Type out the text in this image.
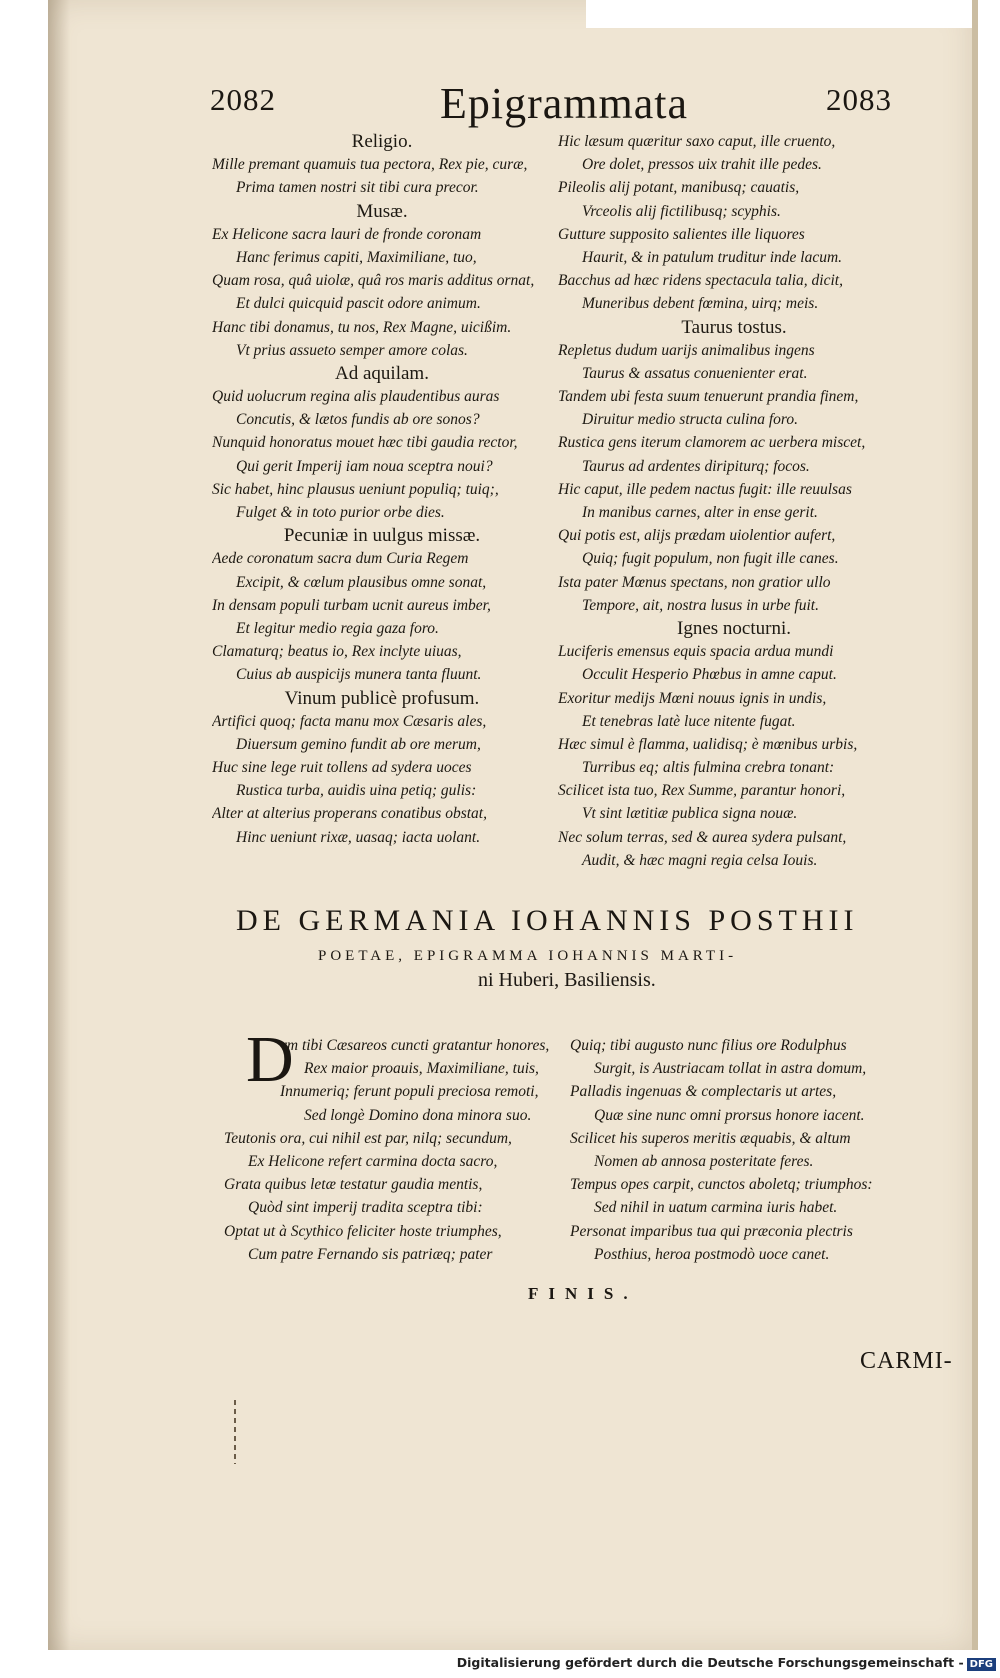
2082	Epigrammata	2083
Religio.
Mille premant quamuis tua pectora, Rex pie, curæ,
Prima tamen nostri sit tibi cura precor.
Musæ.
Ex Helicone sacra lauri de fronde coronam
Hanc ferimus capiti, Maximiliane, tuo,
Quam rosa, quâ uiolæ, quâ ros maris additus ornat,
Et dulci quicquid pascit odore animum.
Hanc tibi donamus, tu nos, Rex Magne, uicißim.
Vt prius assueto semper amore colas.
Ad aquilam.
Quid uolucrum regina alis plaudentibus auras
Concutis, & lætos fundis ab ore sonos?
Nunquid honoratus mouet hæc tibi gaudia rector,
Qui gerit Imperij iam noua sceptra noui?
Sic habet, hinc plausus ueniunt populiq; tuiq;,
Fulget & in toto purior orbe dies.
Pecuniæ in uulgus missæ.
Aede coronatum sacra dum Curia Regem
Excipit, & cœlum plausibus omne sonat,
In densam populi turbam ucnit aureus imber,
Et legitur medio regia gaza foro.
Clamaturq; beatus io, Rex inclyte uiuas,
Cuius ab auspicijs munera tanta fluunt.
Vinum publicè profusum.
Artifici quoq; facta manu mox Cæsaris ales,
Diuersum gemino fundit ab ore merum,
Huc sine lege ruit tollens ad sydera uoces
Rustica turba, auidis uina petiq; gulis:
Alter at alterius properans conatibus obstat,
Hinc ueniunt rixæ, uasaq; iacta uolant.
Hic læsum quæritur saxo caput, ille cruento,
Ore dolet, pressos uix trahit ille pedes.
Pileolis alij potant, manibusq; cauatis,
Vrceolis alij fictilibusq; scyphis.
Gutture supposito salientes ille liquores
Haurit, & in patulum truditur inde lacum.
Bacchus ad hæc ridens spectacula talia, dicit,
Muneribus debent fœmina, uirq; meis.
Taurus tostus.
Repletus dudum uarijs animalibus ingens
Taurus & assatus conuenienter erat.
Tandem ubi festa suum tenuerunt prandia finem,
Diruitur medio structa culina foro.
Rustica gens iterum clamorem ac uerbera miscet,
Taurus ad ardentes diripiturq; focos.
Hic caput, ille pedem nactus fugit: ille reuulsas
In manibus carnes, alter in ense gerit.
Qui potis est, alijs prædam uiolentior aufert,
Quiq; fugit populum, non fugit ille canes.
Ista pater Mœnus spectans, non gratior ullo
Tempore, ait, nostra lusus in urbe fuit.
Ignes nocturni.
Luciferis emensus equis spacia ardua mundi
Occulit Hesperio Phœbus in amne caput.
Exoritur medijs Mœni nouus ignis in undis,
Et tenebras latè luce nitente fugat.
Hæc simul è flamma, ualidisq; è mœnibus urbis,
Turribus eq; altis fulmina crebra tonant:
Scilicet ista tuo, Rex Summe, parantur honori,
Vt sint lætitiæ publica signa nouæ.
Nec solum terras, sed & aurea sydera pulsant,
Audit, & hæc magni regia celsa Iouis.
DE GERMANIA IOHANNIS POSTHII
POETAE, EPIGRAMMA IOHANNIS MARTI-
ni Huberi, Basiliensis.
D
vm tibi Cæsareos cuncti gratantur honores,
Rex maior proauis, Maximiliane, tuis,
Innumeriq; ferunt populi preciosa remoti,
Sed longè Domino dona minora suo.
Teutonis ora, cui nihil est par, nilq; secundum,
Ex Helicone refert carmina docta sacro,
Grata quibus letæ testatur gaudia mentis,
Quòd sint imperij tradita sceptra tibi:
Optat ut à Scythico feliciter hoste triumphes,
Cum patre Fernando sis patriæq; pater
Quiq; tibi augusto nunc filius ore Rodulphus
Surgit, is Austriacam tollat in astra domum,
Palladis ingenuas & complectaris ut artes,
Quæ sine nunc omni prorsus honore iacent.
Scilicet his superos meritis æquabis, & altum
Nomen ab annosa posteritate feres.
Tempus opes carpit, cunctos aboletq; triumphos:
Sed nihil in uatum carmina iuris habet.
Personat imparibus tua qui præconia plectris
Posthius, heroa postmodò uoce canet.
FINIS.
CARMI-
Digitalisierung gefördert durch die Deutsche Forschungsgemeinschaft - DFG
